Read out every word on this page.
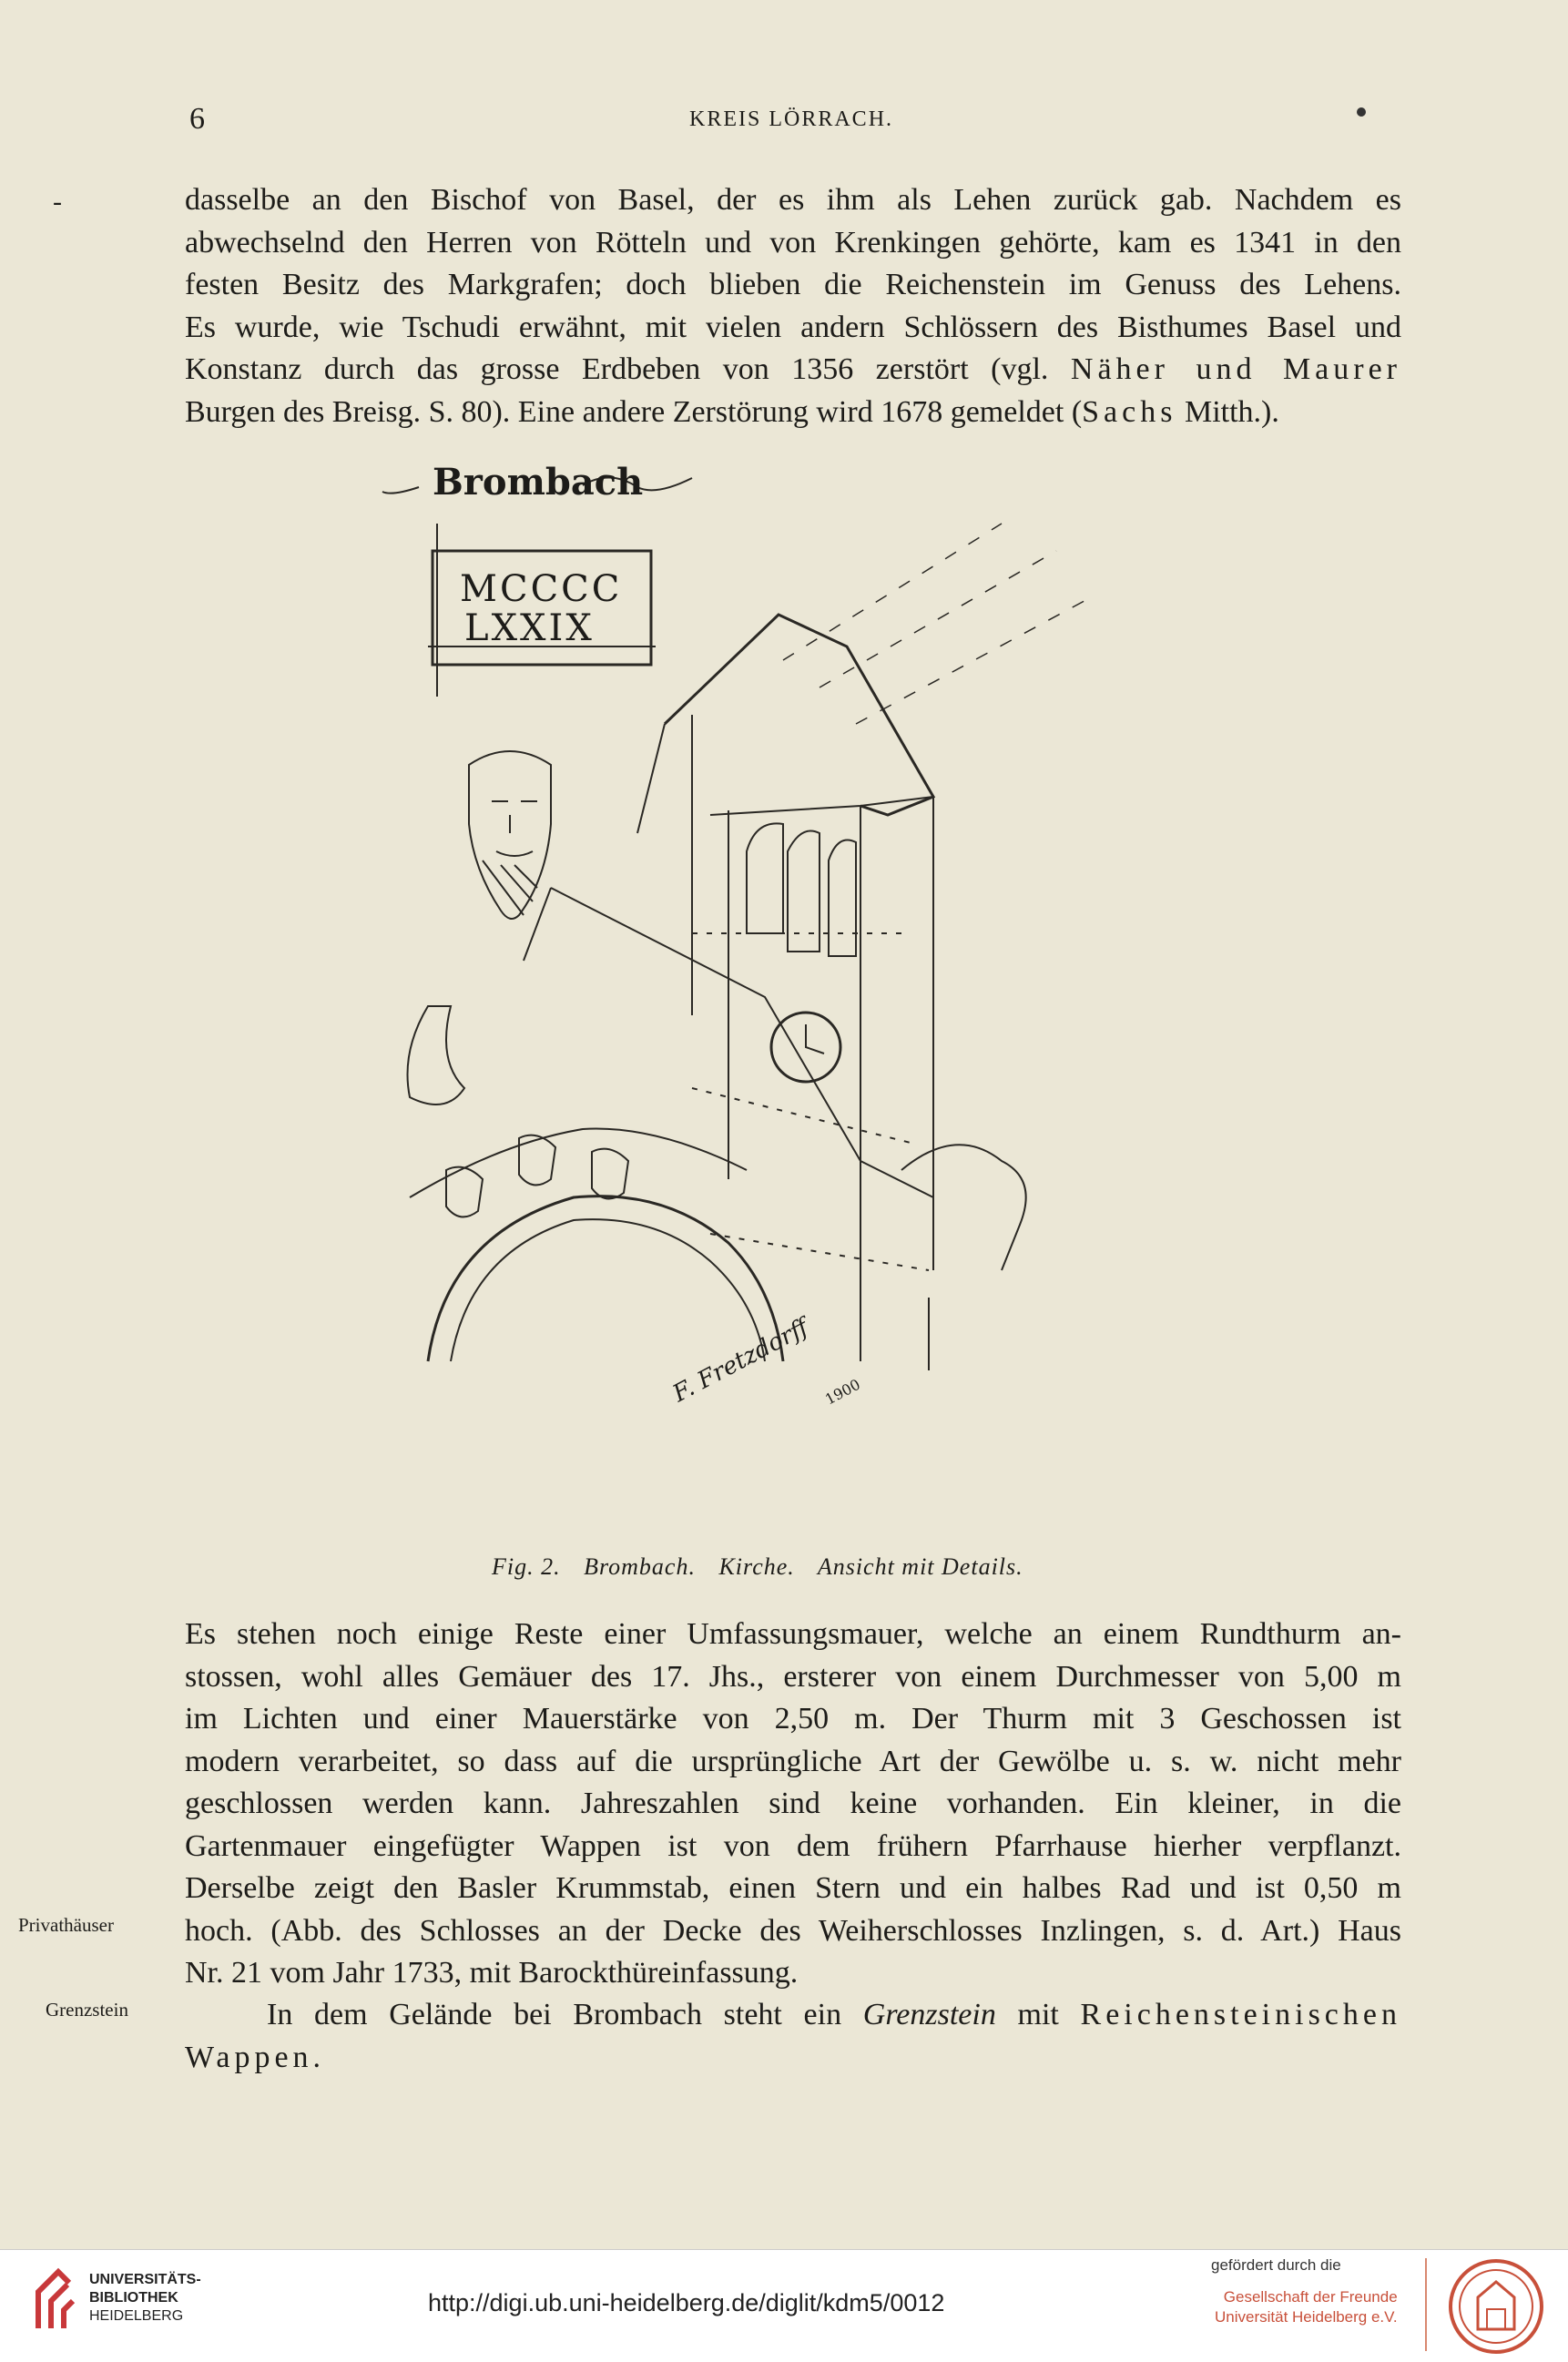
6	KREIS LÖRRACH.
-	dasselbe an den Bischof von Basel, der es ihm als Lehen zurück gab. Nachdem es
abwechselnd den Herren von Rötteln und von Krenkingen gehörte, kam es 1341 in den
festen Besitz des Markgrafen; doch blieben die Reichenstein im Genuss des Lehens.
Es wurde, wie Tschudi erwähnt, mit vielen andern Schlössern des Bisthumes Basel und
Konstanz durch das grosse Erdbeben von 1356 zerstört (vgl. Näher und Maurer
Burgen des Breisg. S. 80). Eine andere Zerstörung wird 1678 gemeldet (Sachs Mitth.).
Brombach
MCCCC
LXXIX
F. Fretzdorff 1900
Fig. 2. Brombach. Kirche. Ansicht mit Details.
Es stehen noch einige Reste einer Umfassungsmauer, welche an einem Rundthurm an-
stossen, wohl alles Gemäuer des 17. Jhs., ersterer von einem Durchmesser von 5,00 m
im Lichten und einer Mauerstärke von 2,50 m. Der Thurm mit 3 Geschossen ist
modern verarbeitet, so dass auf die ursprüngliche Art der Gewölbe u. s. w. nicht mehr
geschlossen werden kann. Jahreszahlen sind keine vorhanden. Ein kleiner, in die
Gartenmauer eingefügter Wappen ist von dem frühern Pfarrhause hierher verpflanzt.
Derselbe zeigt den Basler Krummstab, einen Stern und ein halbes Rad und ist 0,50 m
hoch. (Abb. des Schlosses an der Decke des Weiherschlosses Inzlingen, s. d. Art.) Haus
Nr. 21 vom Jahr 1733, mit Barockthüreinfassung.
In dem Gelände bei Brombach steht ein Grenzstein mit Reichensteinischen
Wappen.
Privathäuser
Grenzstein
UNIVERSITÄTS-
BIBLIOTHEK
HEIDELBERG	http://digi.ub.uni-heidelberg.de/diglit/kdm5/0012
gefördert durch die
Gesellschaft der Freunde
Universität Heidelberg e.V.
